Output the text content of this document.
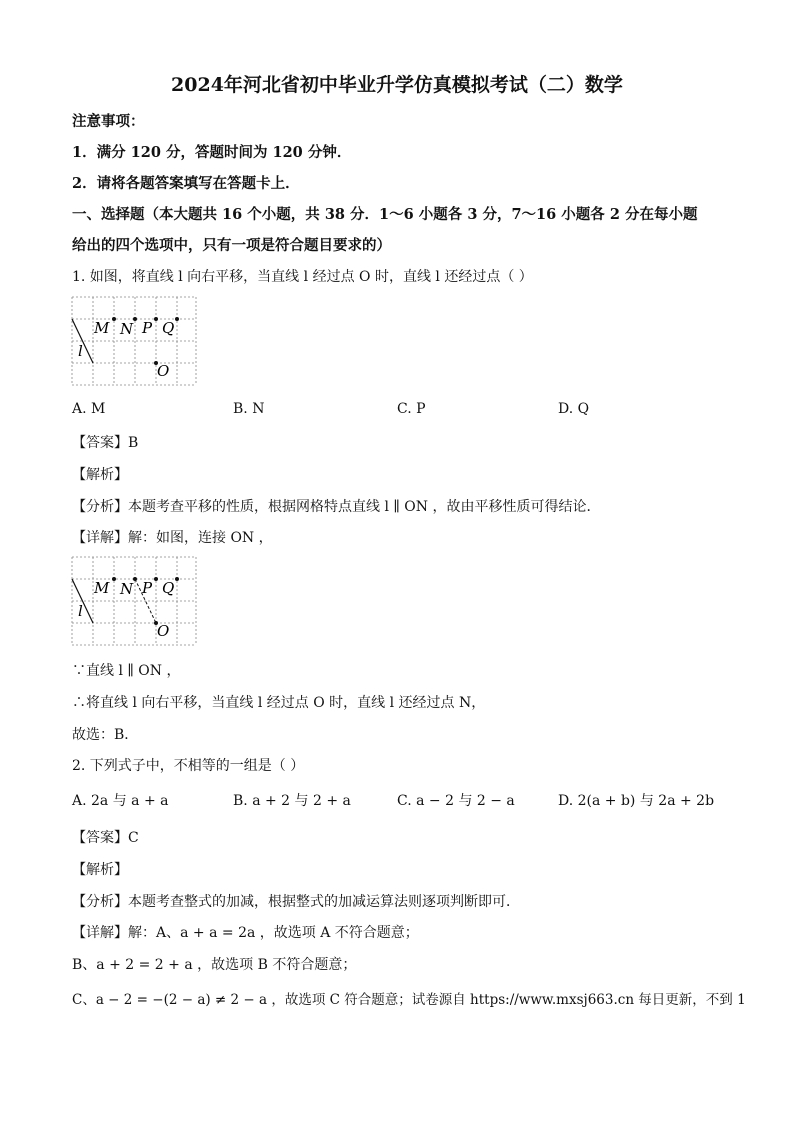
2024年河北省初中毕业升学仿真模拟考试（二）数学
注意事项：
1．满分 120 分，答题时间为 120 分钟．
2．请将各题答案填写在答题卡上．
一、选择题（本大题共 16 个小题，共 38 分．1～6 小题各 3 分，7～16 小题各 2 分在每小题
给出的四个选项中，只有一项是符合题目要求的）
1. 如图，将直线 l 向右平移，当直线 l 经过点 O 时，直线 l 还经过点（ ）
M N P Q
O
l
A. M	B. N	C. P	D. Q
【答案】B
【解析】
【分析】本题考查平移的性质，根据网格特点直线 l ∥ ON ，故由平移性质可得结论．
【详解】解：如图，连接 ON ，
M N P Q
O
l
∵直线 l ∥ ON ，
∴将直线 l 向右平移，当直线 l 经过点 O 时，直线 l 还经过点 N，
故选：B．
2. 下列式子中，不相等的一组是（ ）
A. 2a 与 a + a	B. a + 2 与 2 + a	C. a − 2 与 2 − a	D. 2(a + b) 与 2a + 2b
【答案】C
【解析】
【分析】本题考查整式的加减，根据整式的加减运算法则逐项判断即可．
【详解】解：A、a + a = 2a ，故选项 A 不符合题意；
B、a + 2 = 2 + a ，故选项 B 不符合题意；
C、a − 2 = −(2 − a) ≠ 2 − a ，故选项 C 符合题意；试卷源自 https://www.mxsj663.cn 每日更新，不到 1
